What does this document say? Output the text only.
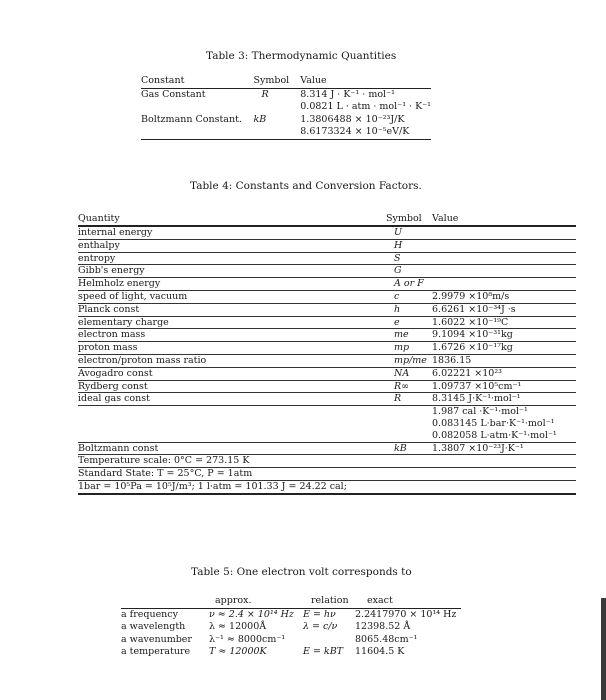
Table 3: Thermodynamic Quantities
Constant	Symbol	Value
Gas Constant	R	8.314 J · K⁻¹ · mol⁻¹
		0.0821 L · atm · mol⁻¹ · K⁻¹
Boltzmann Constant.	kB	1.3806488 × 10⁻²³J/K
		8.6173324 × 10⁻⁵eV/K
Table 4: Constants and Conversion Factors.
Quantity	Symbol	Value
internal energy	U	
enthalpy	H	
entropy	S	
Gibb's energy	G	
Helmholz energy	A or F	
speed of light, vacuum	c	2.9979 ×10⁸m/s
Planck const	h	6.6261 ×10⁻³⁴J ·s
elementary charge	e	1.6022 ×10⁻¹⁹C
electron mass	me	9.1094 ×10⁻³¹kg
proton mass	mp	1.6726 ×10⁻¹⁷kg
electron/proton mass ratio	mp/me	1836.15
Avogadro const	NA	6.02221 ×10²³
Rydberg const	R∞	1.09737 ×10⁵cm⁻¹
ideal gas const	R	8.3145 J·K⁻¹·mol⁻¹
		1.987 cal ·K⁻¹·mol⁻¹
		0.083145 L·bar·K⁻¹·mol⁻¹
		0.082058 L·atm·K⁻¹·mol⁻¹
Boltzmann const	kB	1.3807 ×10⁻²³J·K⁻¹
Temperature scale: 0°C = 273.15 K		
Standard State: T = 25°C, P = 1atm		
1bar = 10⁵Pa = 10⁵J/m³; 1 l·atm = 101.33 J = 24.22 cal;		
Table 5: One electron volt corresponds to
	approx.	relation	exact
a frequency	ν ≈ 2.4 × 10¹⁴ Hz	E = hν	2.2417970 × 10¹⁴ Hz
a wavelength	λ ≈ 12000Å	λ = c/ν	12398.52 Å
a wavenumber	λ⁻¹ ≈ 8000cm⁻¹		8065.48cm⁻¹
a temperature	T ≈ 12000K	E = kBT	11604.5 K
